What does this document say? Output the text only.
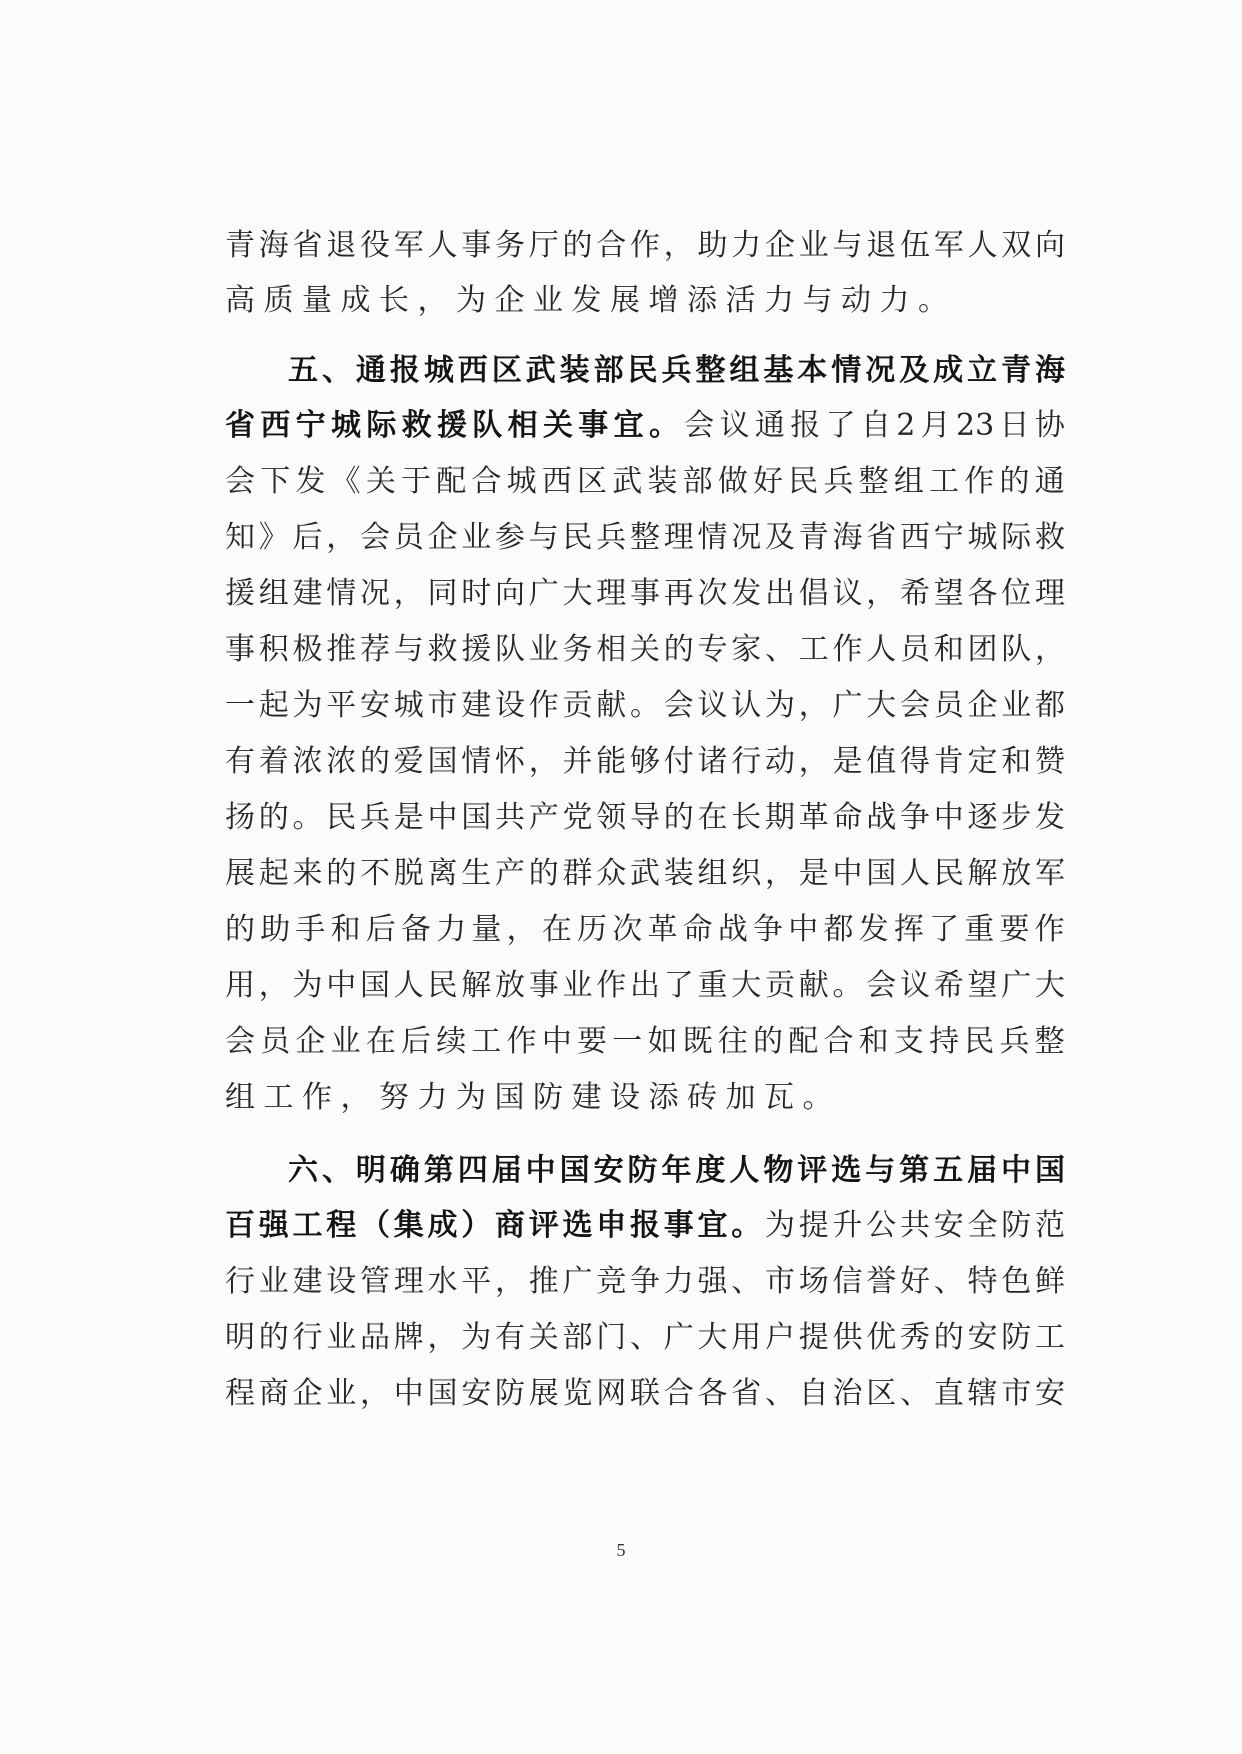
青 海 省 退 役 军 人 事 务 厅 的 合 作 ， 助 力 企 业 与 退 伍 军 人 双 向
高质量成长，为企业发展增添活力与动力。
五 、 通 报 城 西 区 武 装 部 民 兵 整 组 基 本 情 况 及 成 立 青 海
省 西 宁 城 际 救 援 队 相 关 事 宜 。 会 议 通 报 了 自 2 月 23 日 协
会 下 发 《 关 于 配 合 城 西 区 武 装 部 做 好 民 兵 整 组 工 作 的 通
知 》 后 ， 会 员 企 业 参 与 民 兵 整 理 情 况 及 青 海 省 西 宁 城 际 救
援 组 建 情 况 ， 同 时 向 广 大 理 事 再 次 发 出 倡 议 ， 希 望 各 位 理
事 积 极 推 荐 与 救 援 队 业 务 相 关 的 专 家 、 工 作 人 员 和 团 队 ，
一 起 为 平 安 城 市 建 设 作 贡 献 。 会 议 认 为 ， 广 大 会 员 企 业 都
有 着 浓 浓 的 爱 国 情 怀 ， 并 能 够 付 诸 行 动 ， 是 值 得 肯 定 和 赞
扬 的 。 民 兵 是 中 国 共 产 党 领 导 的 在 长 期 革 命 战 争 中 逐 步 发
展 起 来 的 不 脱 离 生 产 的 群 众 武 装 组 织 ， 是 中 国 人 民 解 放 军
的 助 手 和 后 备 力 量 ， 在 历 次 革 命 战 争 中 都 发 挥 了 重 要 作
用 ， 为 中 国 人 民 解 放 事 业 作 出 了 重 大 贡 献 。 会 议 希 望 广 大
会 员 企 业 在 后 续 工 作 中 要 一 如 既 往 的 配 合 和 支 持 民 兵 整
组工作，努力为国防建设添砖加瓦。
六 、 明 确 第 四 届 中 国 安 防 年 度 人 物 评 选 与 第 五 届 中 国
百 强 工 程 （ 集 成 ） 商 评 选 申 报 事 宜 。 为 提 升 公 共 安 全 防 范
行 业 建 设 管 理 水 平 ， 推 广 竞 争 力 强 、 市 场 信 誉 好 、 特 色 鲜
明 的 行 业 品 牌 ， 为 有 关 部 门 、 广 大 用 户 提 供 优 秀 的 安 防 工
程 商 企 业 ， 中 国 安 防 展 览 网 联 合 各 省 、 自 治 区 、 直 辖 市 安
5
